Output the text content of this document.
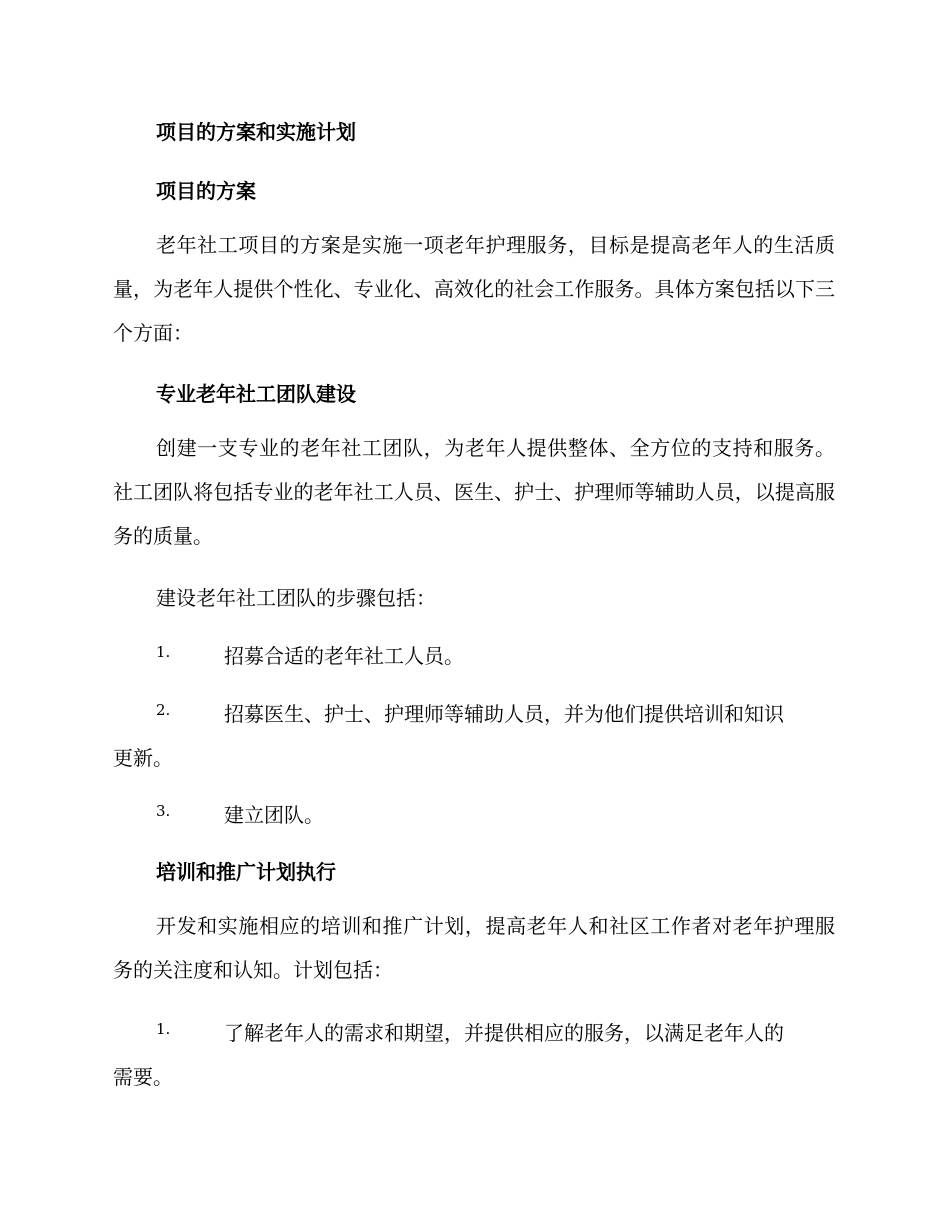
项目的方案和实施计划
项目的方案
老年社工项目的方案是实施一项老年护理服务，目标是提高老年人的生活质量，为老年人提供个性化、专业化、高效化的社会工作服务。具体方案包括以下三个方面：
专业老年社工团队建设
创建一支专业的老年社工团队，为老年人提供整体、全方位的支持和服务。社工团队将包括专业的老年社工人员、医生、护士、护理师等辅助人员，以提高服务的质量。
建设老年社工团队的步骤包括：
1.	招募合适的老年社工人员。
2.	招募医生、护士、护理师等辅助人员，并为他们提供培训和知识
更新。
3.	建立团队。
培训和推广计划执行
开发和实施相应的培训和推广计划，提高老年人和社区工作者对老年护理服务的关注度和认知。计划包括：
1.	了解老年人的需求和期望，并提供相应的服务，以满足老年人的
需要。
